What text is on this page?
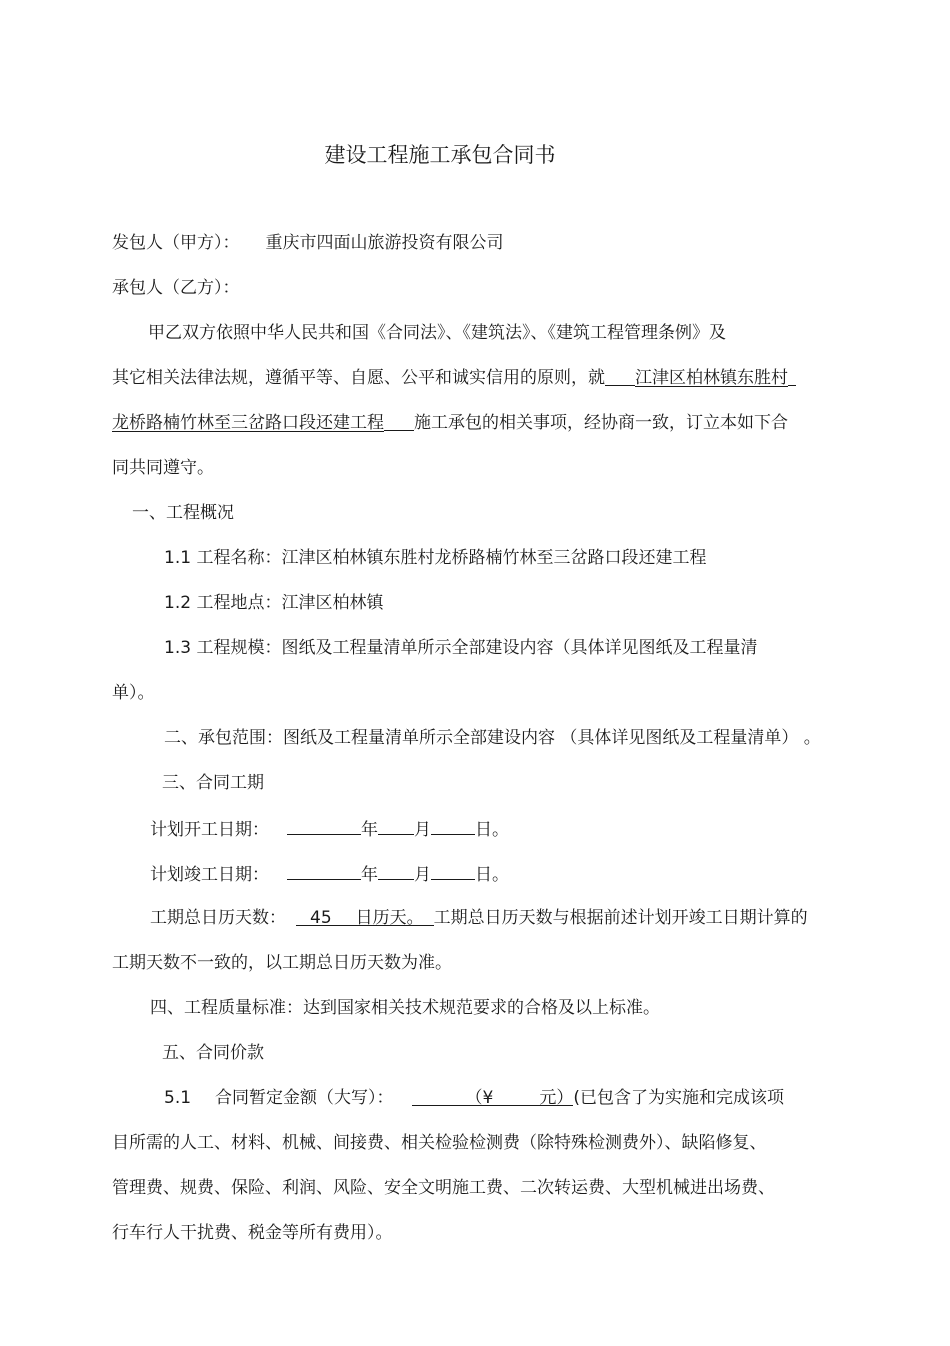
建设工程施工承包合同书
发包人（甲方）： 重庆市四面山旅游投资有限公司
承包人（乙方）：
甲乙双方依照中华人民共和国《合同法》、《建筑法》、《建筑工程管理条例》及
其它相关法律法规，遵循平等、自愿、公平和诚实信用的原则，就 江津区柏林镇东胜村
龙桥路楠竹林至三岔路口段还建工程 施工承包的相关事项，经协商一致，订立本如下合
同共同遵守。
一、工程概况
1.1 工程名称：江津区柏林镇东胜村龙桥路楠竹林至三岔路口段还建工程
1.2 工程地点：江津区柏林镇
1.3 工程规模：图纸及工程量清单所示全部建设内容（具体详见图纸及工程量清
单）。
二、承包范围：图纸及工程量清单所示全部建设内容 （具体详见图纸及工程量清单） 。
三、合同工期
计划开工日期：	年 月	日。
计划竣工日期：	年 月	日。
工期总日历天数： 45 日历天。 工期总日历天数与根据前述计划开竣工日期计算的
工期天数不一致的，以工期总日历天数为准。
四、工程质量标准：达到国家相关技术规范要求的合格及以上标准。
五、合同价款
5.1 合同暂定金额（大写）：	（¥	元）(已包含了为实施和完成该项
目所需的人工、材料、机械、间接费、相关检验检测费（除特殊检测费外）、缺陷修复、
管理费、规费、保险、利润、风险、安全文明施工费、二次转运费、大型机械进出场费、
行车行人干扰费、税金等所有费用）。
